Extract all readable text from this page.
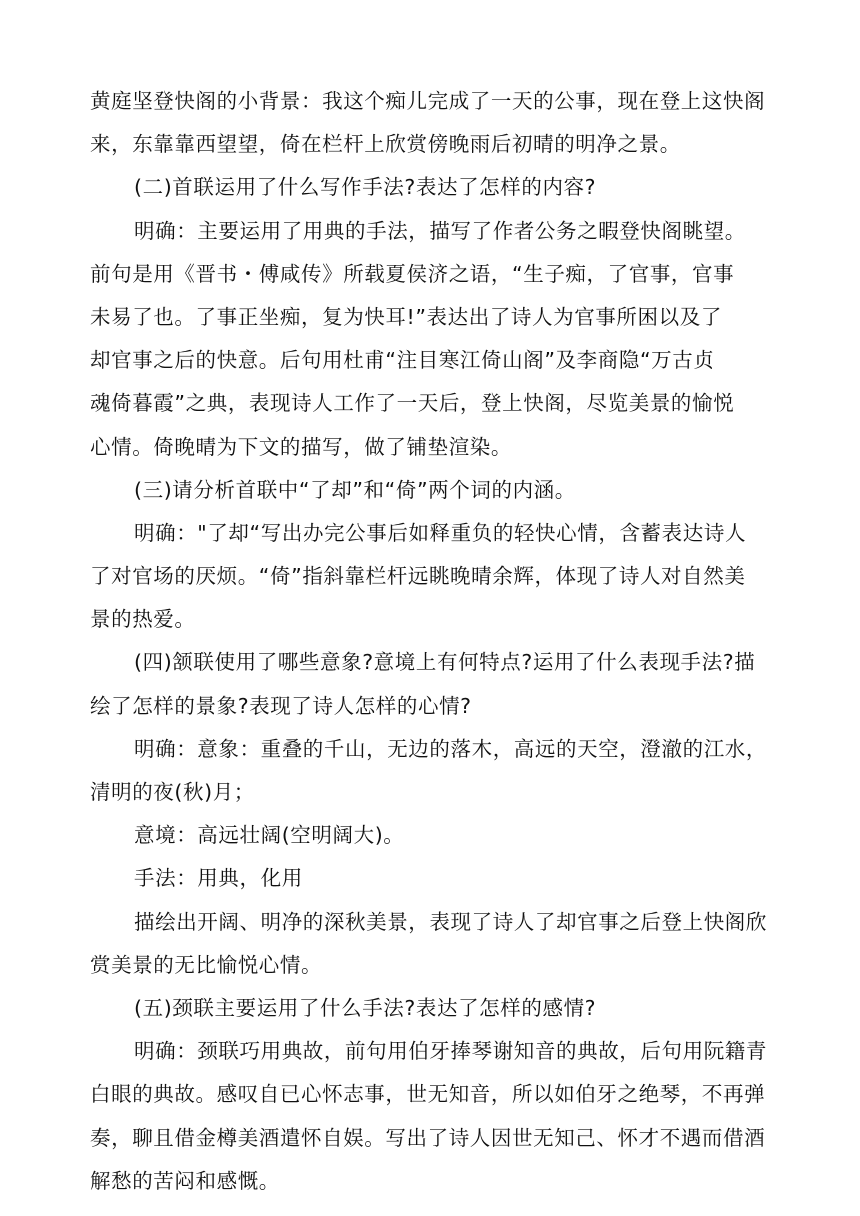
黄庭坚登快阁的小背景：我这个痴儿完成了一天的公事，现在登上这快阁
来，东靠靠西望望，倚在栏杆上欣赏傍晚雨后初晴的明净之景。
(二)首联运用了什么写作手法?表达了怎样的内容?
明确：主要运用了用典的手法，描写了作者公务之暇登快阁眺望。
前句是用《晋书・傅咸传》所载夏侯济之语，“生子痴，了官事，官事
未易了也。了事正坐痴，复为快耳!”表达出了诗人为官事所困以及了
却官事之后的快意。后句用杜甫“注目寒江倚山阁”及李商隐“万古贞
魂倚暮霞”之典，表现诗人工作了一天后，登上快阁，尽览美景的愉悦
心情。倚晚晴为下文的描写，做了铺垫渲染。
(三)请分析首联中“了却”和“倚”两个词的内涵。
明确："了却“写出办完公事后如释重负的轻快心情，含蓄表达诗人
了对官场的厌烦。“倚”指斜靠栏杆远眺晚晴余辉，体现了诗人对自然美
景的热爱。
(四)颔联使用了哪些意象?意境上有何特点?运用了什么表现手法?描
绘了怎样的景象?表现了诗人怎样的心情?
明确：意象：重叠的千山，无边的落木，高远的天空，澄澈的江水，
清明的夜(秋)月；
意境：高远壮阔(空明阔大)。
手法：用典，化用
描绘出开阔、明净的深秋美景，表现了诗人了却官事之后登上快阁欣
赏美景的无比愉悦心情。
(五)颈联主要运用了什么手法?表达了怎样的感情?
明确：颈联巧用典故，前句用伯牙捧琴谢知音的典故，后句用阮籍青
白眼的典故。感叹自已心怀志事，世无知音，所以如伯牙之绝琴，不再弹
奏，聊且借金樽美酒遣怀自娱。写出了诗人因世无知己、怀才不遇而借酒
解愁的苦闷和感慨。
